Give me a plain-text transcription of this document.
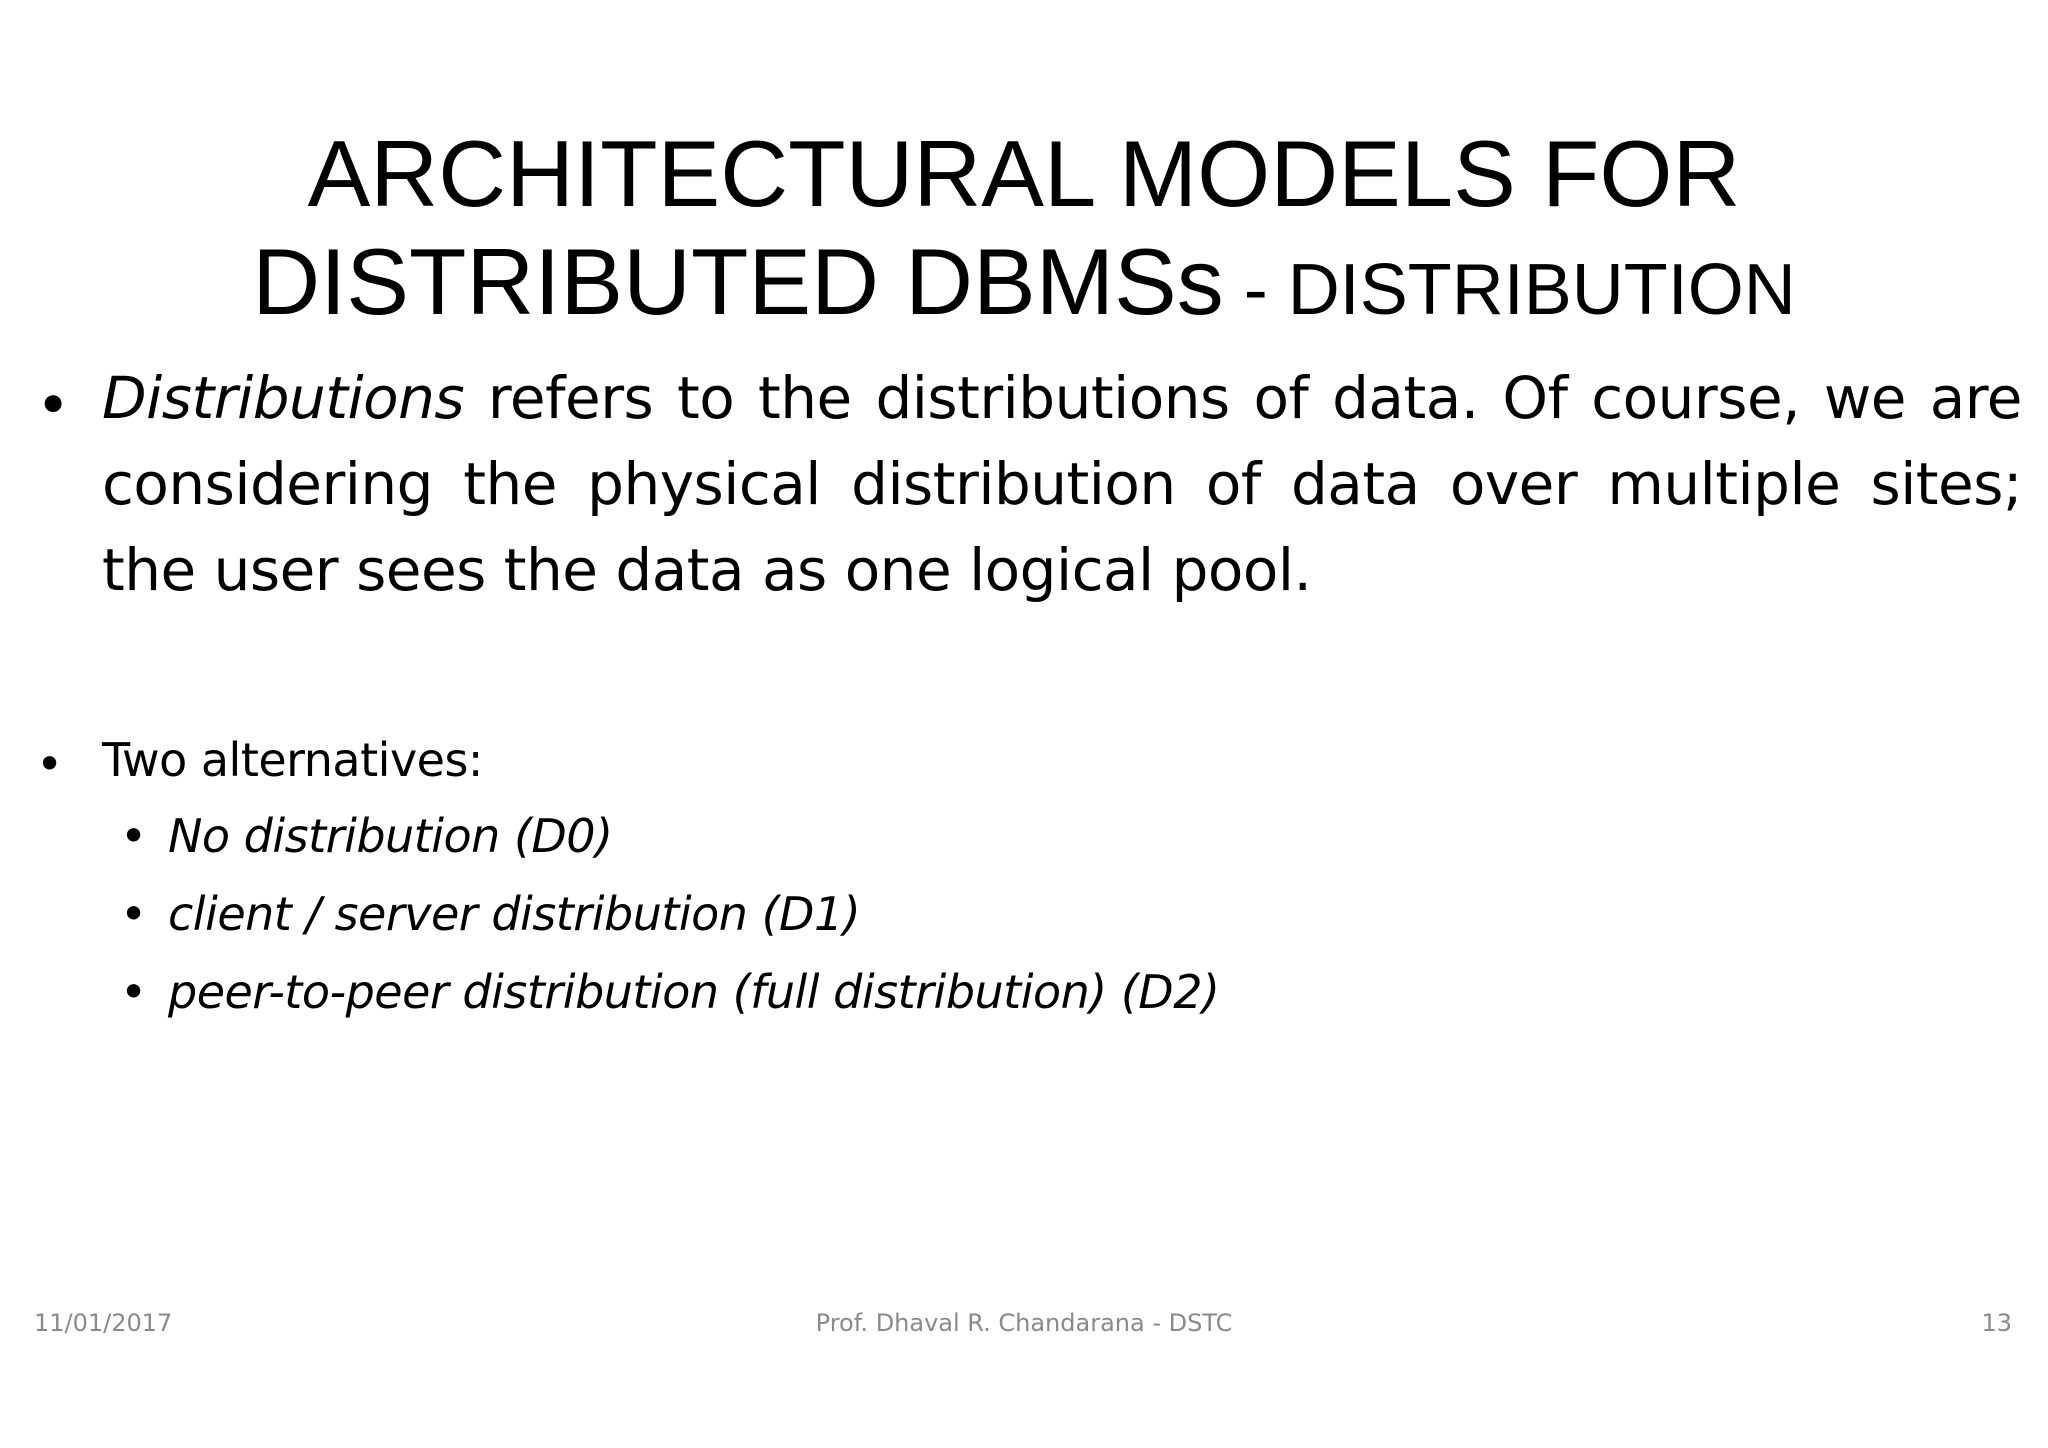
ARCHITECTURAL MODELS FOR
DISTRIBUTED DBMSs - DISTRIBUTION
• Distributions refers to the distributions of data. Of course, we are considering the physical distribution of data over multiple sites; the user sees the data as one logical pool.
• Two alternatives:
• No distribution (D0)
• client / server distribution (D1)
• peer-to-peer distribution (full distribution) (D2)
11/01/2017	Prof. Dhaval R. Chandarana - DSTC	13
